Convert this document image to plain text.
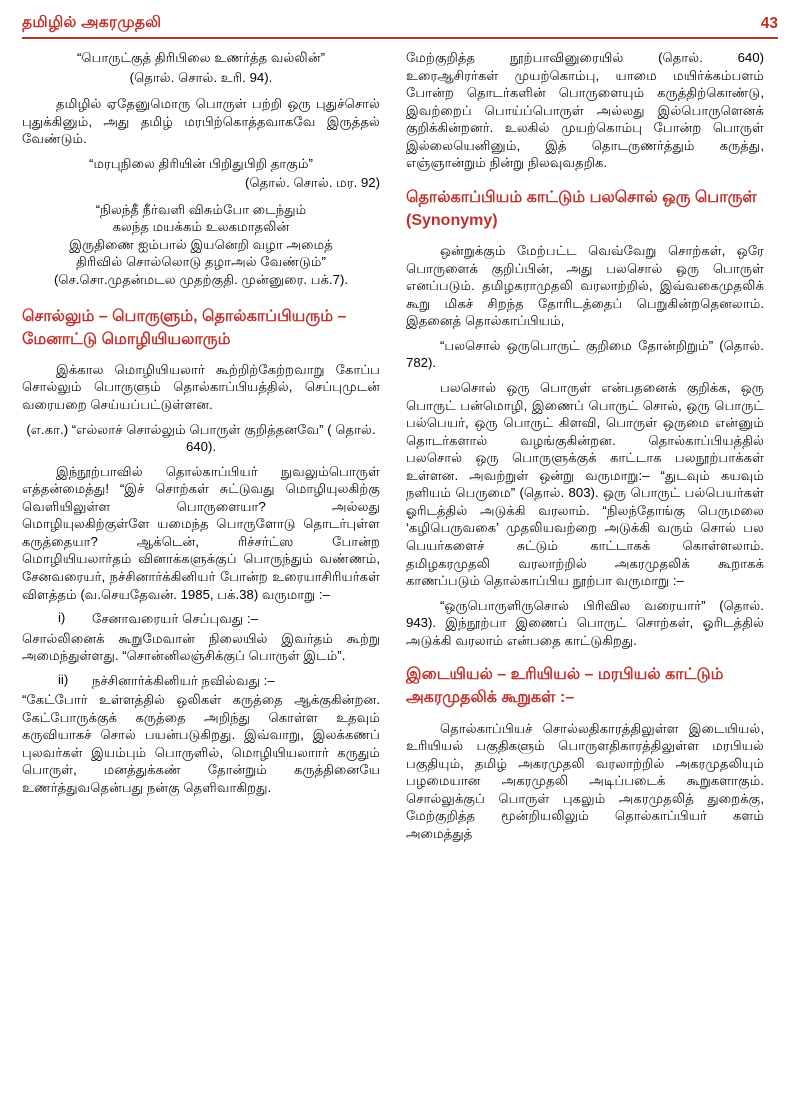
தமிழில் அகரமுதலி	43

“பொருட்குத் திரிபிலை உணர்த்த வல்லின்”

(தொல். சொல். உரி. 94).

தமிழில் ஏதேனுமொரு பொருள் பற்றி ஒரு புதுச்சொல் புதுக்கினும், அது தமிழ் மரபிற்கொத்தவாகவே இருத்தல் வேண்டும்.

“மரபுநிலை திரியின் பிறிதுபிறி தாகும்”

(தொல். சொல். மர. 92)

“நிலந்தீ நீர்வளி விசும்போ டைந்தும்

கலந்த மயக்கம் உலகமாதலின்

இருதிணை ஐம்பால் இயனெறி வழா அமைத்

திரிவில் சொல்லொடு தழாஅல் வேண்டும்”

(செ.சொ.முதன்மடல முதற்குதி. முன்னுரை. பக்.7).

சொல்லும் – பொருளும், தொல்காப்பியரும் – மேனாட்டு மொழியியலாரும்

இக்கால மொழியியலார் கூற்றிற்கேற்றவாறு கோப்ப சொல்லும் பொருளும் தொல்காப்பியத்தில், செப்புமுடன் வரையறை செய்யப்பட்டுள்ளன.

(எ.கா.) “எல்லாச் சொல்லும் பொருள் குறித்தனவே” ( தொல். 640).

இந்நூற்பாவில் தொல்காப்பியர் நுவலும்பொருள் எத்தன்மைத்து! “இச் சொற்கள் சுட்டுவது மொழியுலகிற்கு வெளியிலுள்ள பொருளையா? அல்லது மொழியுலகிற்குள்ளே யமைந்த பொருளோடு தொடர்புள்ள கருத்தையா? ஆக்டென், ரிச்சர்ட்ஸ போன்ற மொழியியலார்தம் வினாக்களுக்குப் பொருந்தும் வண்ணம், சேனவரையர், நச்சினார்க்கினியர் போன்ற உரையாசிரியர்கள் விளத்தம் (வ.செயதேவன். 1985, பக்.38) வருமாறு :–

i)	சேனாவரையர் செப்புவது :–

சொல்லினைக் கூறுமேவான் நிலையில் இவர்தம் கூற்று அமைந்துள்ளது. “சொன்னிலஞ்சிக்குப் பொருள் இடம்”.

ii)	நச்சினார்க்கினியர் நவில்வது :–

“கேட்போர் உள்ளத்தில் ஒலிகள் கருத்தை ஆக்குகின்றன. கேட்போருக்குக் கருத்தை அறிந்து கொள்ள உதவும் கருவியாகச் சொல் பயன்படுகிறது. இவ்வாறு, இலக்கணப் புலவர்கள் இயம்பும் பொருளில், மொழியியலாார் கருதும் பொருள், மனத்துக்கண் தோன்றும் கருத்தினையே உணர்த்துவதென்பது நன்கு தெளிவாகிறது.

மேற்குறித்த நூற்பாவினுரையில் (தொல். 640) உரைஆசிரர்கள் முயற்கொம்பு, யாமை மயிர்க்கம்பளம் போன்ற தொடர்களின் பொருளையும் கருத்திற்கொண்டு, இவற்றைப் பொய்ப்பொருள் அல்லது இல்பொருளெனக் குறிக்கின்றனர். உலகில் முயற்கொம்பு போன்ற பொருள் இல்லையெனினும், இத் தொடருணர்த்தும் கருத்து, எஞ்ஞான்றும் நின்று நிலவுவதறிக.

தொல்காப்பியம் காட்டும் பலசொல் ஒரு பொருள் (Synonymy)

ஒன்றுக்கும் மேற்பட்ட வெவ்வேறு சொற்கள், ஒரே பொருளைக் குறிப்பின், அது பலசொல் ஒரு பொருள் எனப்படும். தமிழகராமுதலி வரலாற்றில், இவ்வகைமுதலிக் கூறு மிகச் சிறந்த தோரிடத்தைப் பெறுகின்றதெனலாம். இதனைத் தொல்காப்பியம்,

“பலசொல் ஒருபொருட் குறிமை தோன்றிறும்” (தொல். 782).

பலசொல் ஒரு பொருள் என்பதனைக் குறிக்க, ஒரு பொருட் பன்மொழி, இணைப் பொருட் சொல், ஒரு பொருட் பல்பெயர், ஒரு பொருட் கிளவி, பொருள் ஒருமை என்னும் தொடர்களால் வழங்குகின்றன. தொல்காப்பியத்தில் பலசொல் ஒரு பொருளுக்குக் காட்டாக பலநூற்பாக்கள் உள்ளன. அவற்றுள் ஒன்று வருமாறு:– “துடவும் கயவும் நளியம் பெருமை” (தொல். 803). ஒரு பொருட் பல்பெயர்கள் ஓரிடத்தில் அடுக்கி வரலாம். “நிலந்தோங்கு பெருமலை ‘கழிபெருவகை’ முதலியவற்றை அடுக்கி வரும் சொல் பல பெயர்களைச் சுட்டும் காட்டாகக் கொள்ளலாம். தமிழகரமுதலி வரலாற்றில் அகரமுதலிக் கூறாகக் காணப்படும் தொல்காப்பிய நூற்பா வருமாறு :–

“ஒருபொருளிருசொல் பிரிவில வரையார்” (தொல். 943). இந்நூற்பா இணைப் பொருட் சொற்கள், ஓரிடத்தில் அடுக்கி வரலாம் என்பதை காட்டுகிறது.

இடையியல் – உரியியல் – மரபியல் காட்டும் அகரமுதலிக் கூறுகள் :–

தொல்காப்பியச் சொல்லதிகாரத்திலுள்ள இடையியல், உரியியல் பகுதிகளும் பொருளதிகாரத்திலுள்ள மரபியல் பகுதியும், தமிழ் அகரமுதலி வரலாற்றில் அகரமுதலியும் பழமையான அகரமுதலி அடிப்படைக் கூறுகளாகும். சொல்லுக்குப் பொருள் புகலும் அகரமுதலித் துறைக்கு, மேற்குறித்த மூன்றியலிலும் தொல்காப்பியர் களம் அமைத்துத்
